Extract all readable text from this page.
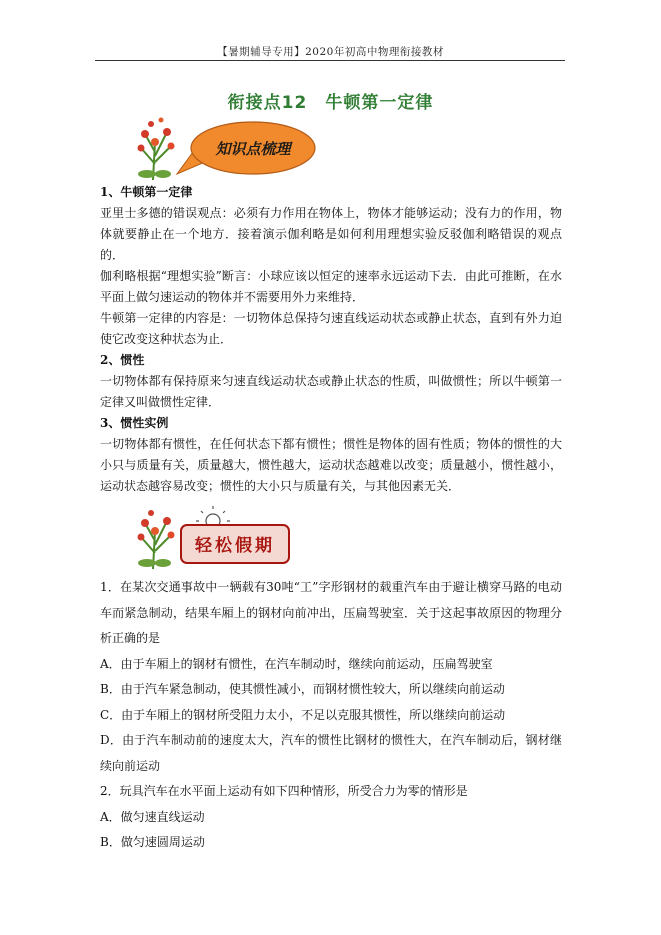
【暑期辅导专用】2020年初高中物理衔接教材
衔接点12 牛顿第一定律
知识点梳理

1、牛顿第一定律

亚里士多德的错误观点：必须有力作用在物体上，物体才能够运动；没有力的作用，物体就要静止在一个地方．接着演示伽利略是如何利用理想实验反驳伽利略错误的观点的．

伽利略根据“理想实验”断言：小球应该以恒定的速率永远运动下去．由此可推断，在水平面上做匀速运动的物体并不需要用外力来维持．

牛顿第一定律的内容是：一切物体总保持匀速直线运动状态或静止状态，直到有外力迫使它改变这种状态为止．

2、惯性

一切物体都有保持原来匀速直线运动状态或静止状态的性质，叫做惯性；所以牛顿第一定律又叫做惯性定律．

3、惯性实例

一切物体都有惯性，在任何状态下都有惯性；惯性是物体的固有性质；物体的惯性的大小只与质量有关，质量越大，惯性越大，运动状态越难以改变；质量越小，惯性越小，运动状态越容易改变；惯性的大小只与质量有关，与其他因素无关．

轻松假期

1．在某次交通事故中一辆载有30吨“工”字形钢材的载重汽车由于避让横穿马路的电动车而紧急制动，结果车厢上的钢材向前冲出，压扁驾驶室．关于这起事故原因的物理分析正确的是

A．由于车厢上的钢材有惯性，在汽车制动时，继续向前运动，压扁驾驶室

B．由于汽车紧急制动，使其惯性减小，而钢材惯性较大，所以继续向前运动

C．由于车厢上的钢材所受阻力太小，不足以克服其惯性，所以继续向前运动

D．由于汽车制动前的速度太大，汽车的惯性比钢材的惯性大，在汽车制动后，钢材继续向前运动

2．玩具汽车在水平面上运动有如下四种情形，所受合力为零的情形是

A．做匀速直线运动

B．做匀速圆周运动
